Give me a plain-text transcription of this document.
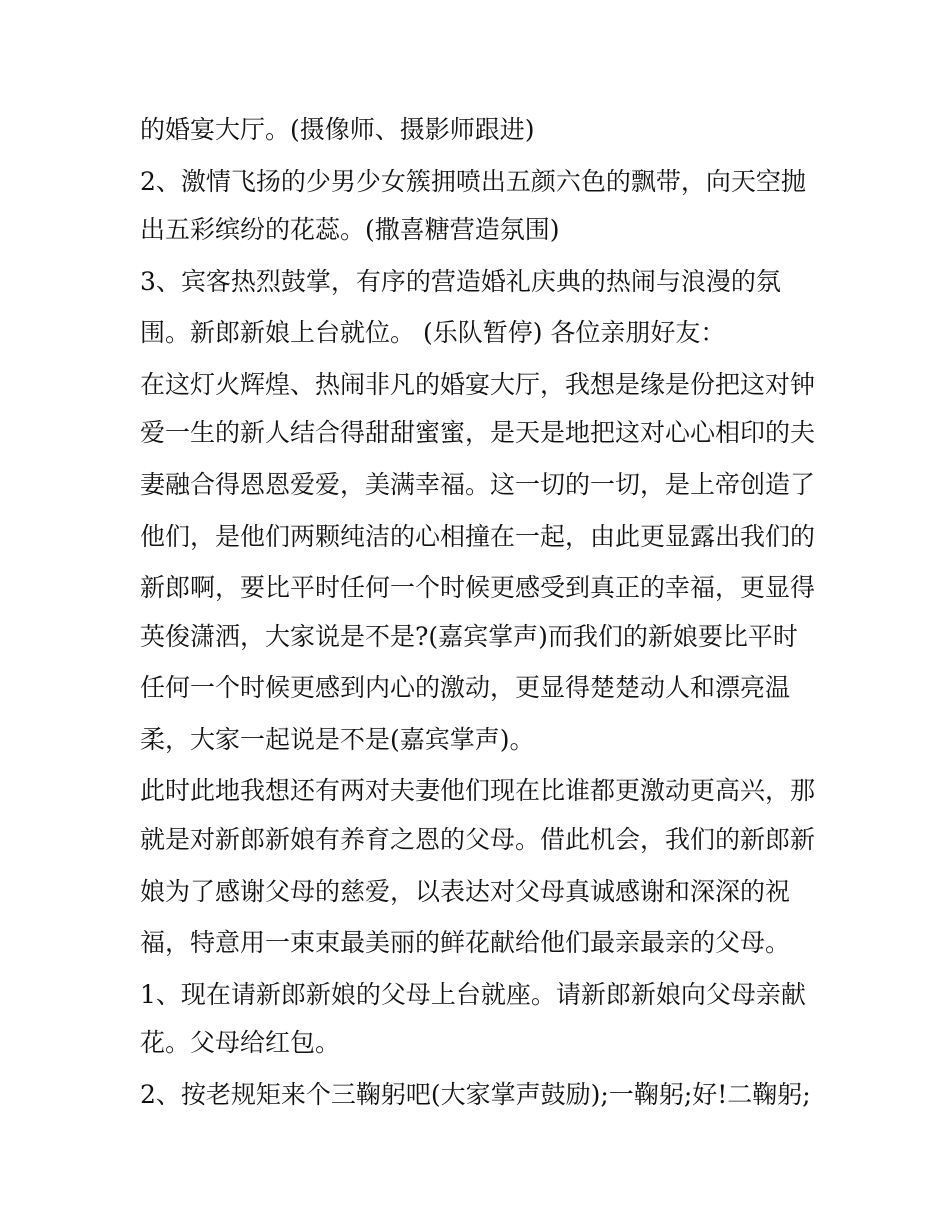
的婚宴大厅。(摄像师、摄影师跟进)
2、激情飞扬的少男少女簇拥喷出五颜六色的飘带，向天空抛
出五彩缤纷的花蕊。(撒喜糖营造氛围)
3、宾客热烈鼓掌，有序的营造婚礼庆典的热闹与浪漫的氛
围。新郎新娘上台就位。 (乐队暂停) 各位亲朋好友：
在这灯火辉煌、热闹非凡的婚宴大厅，我想是缘是份把这对钟
爱一生的新人结合得甜甜蜜蜜，是天是地把这对心心相印的夫
妻融合得恩恩爱爱，美满幸福。这一切的一切，是上帝创造了
他们，是他们两颗纯洁的心相撞在一起，由此更显露出我们的
新郎啊，要比平时任何一个时候更感受到真正的幸福，更显得
英俊潇洒，大家说是不是?(嘉宾掌声)而我们的新娘要比平时
任何一个时候更感到内心的激动，更显得楚楚动人和漂亮温
柔，大家一起说是不是(嘉宾掌声)。
此时此地我想还有两对夫妻他们现在比谁都更激动更高兴，那
就是对新郎新娘有养育之恩的父母。借此机会，我们的新郎新
娘为了感谢父母的慈爱，以表达对父母真诚感谢和深深的祝
福，特意用一束束最美丽的鲜花献给他们最亲最亲的父母。
1、现在请新郎新娘的父母上台就座。请新郎新娘向父母亲献
花。父母给红包。
2、按老规矩来个三鞠躬吧(大家掌声鼓励);一鞠躬;好!二鞠躬;
